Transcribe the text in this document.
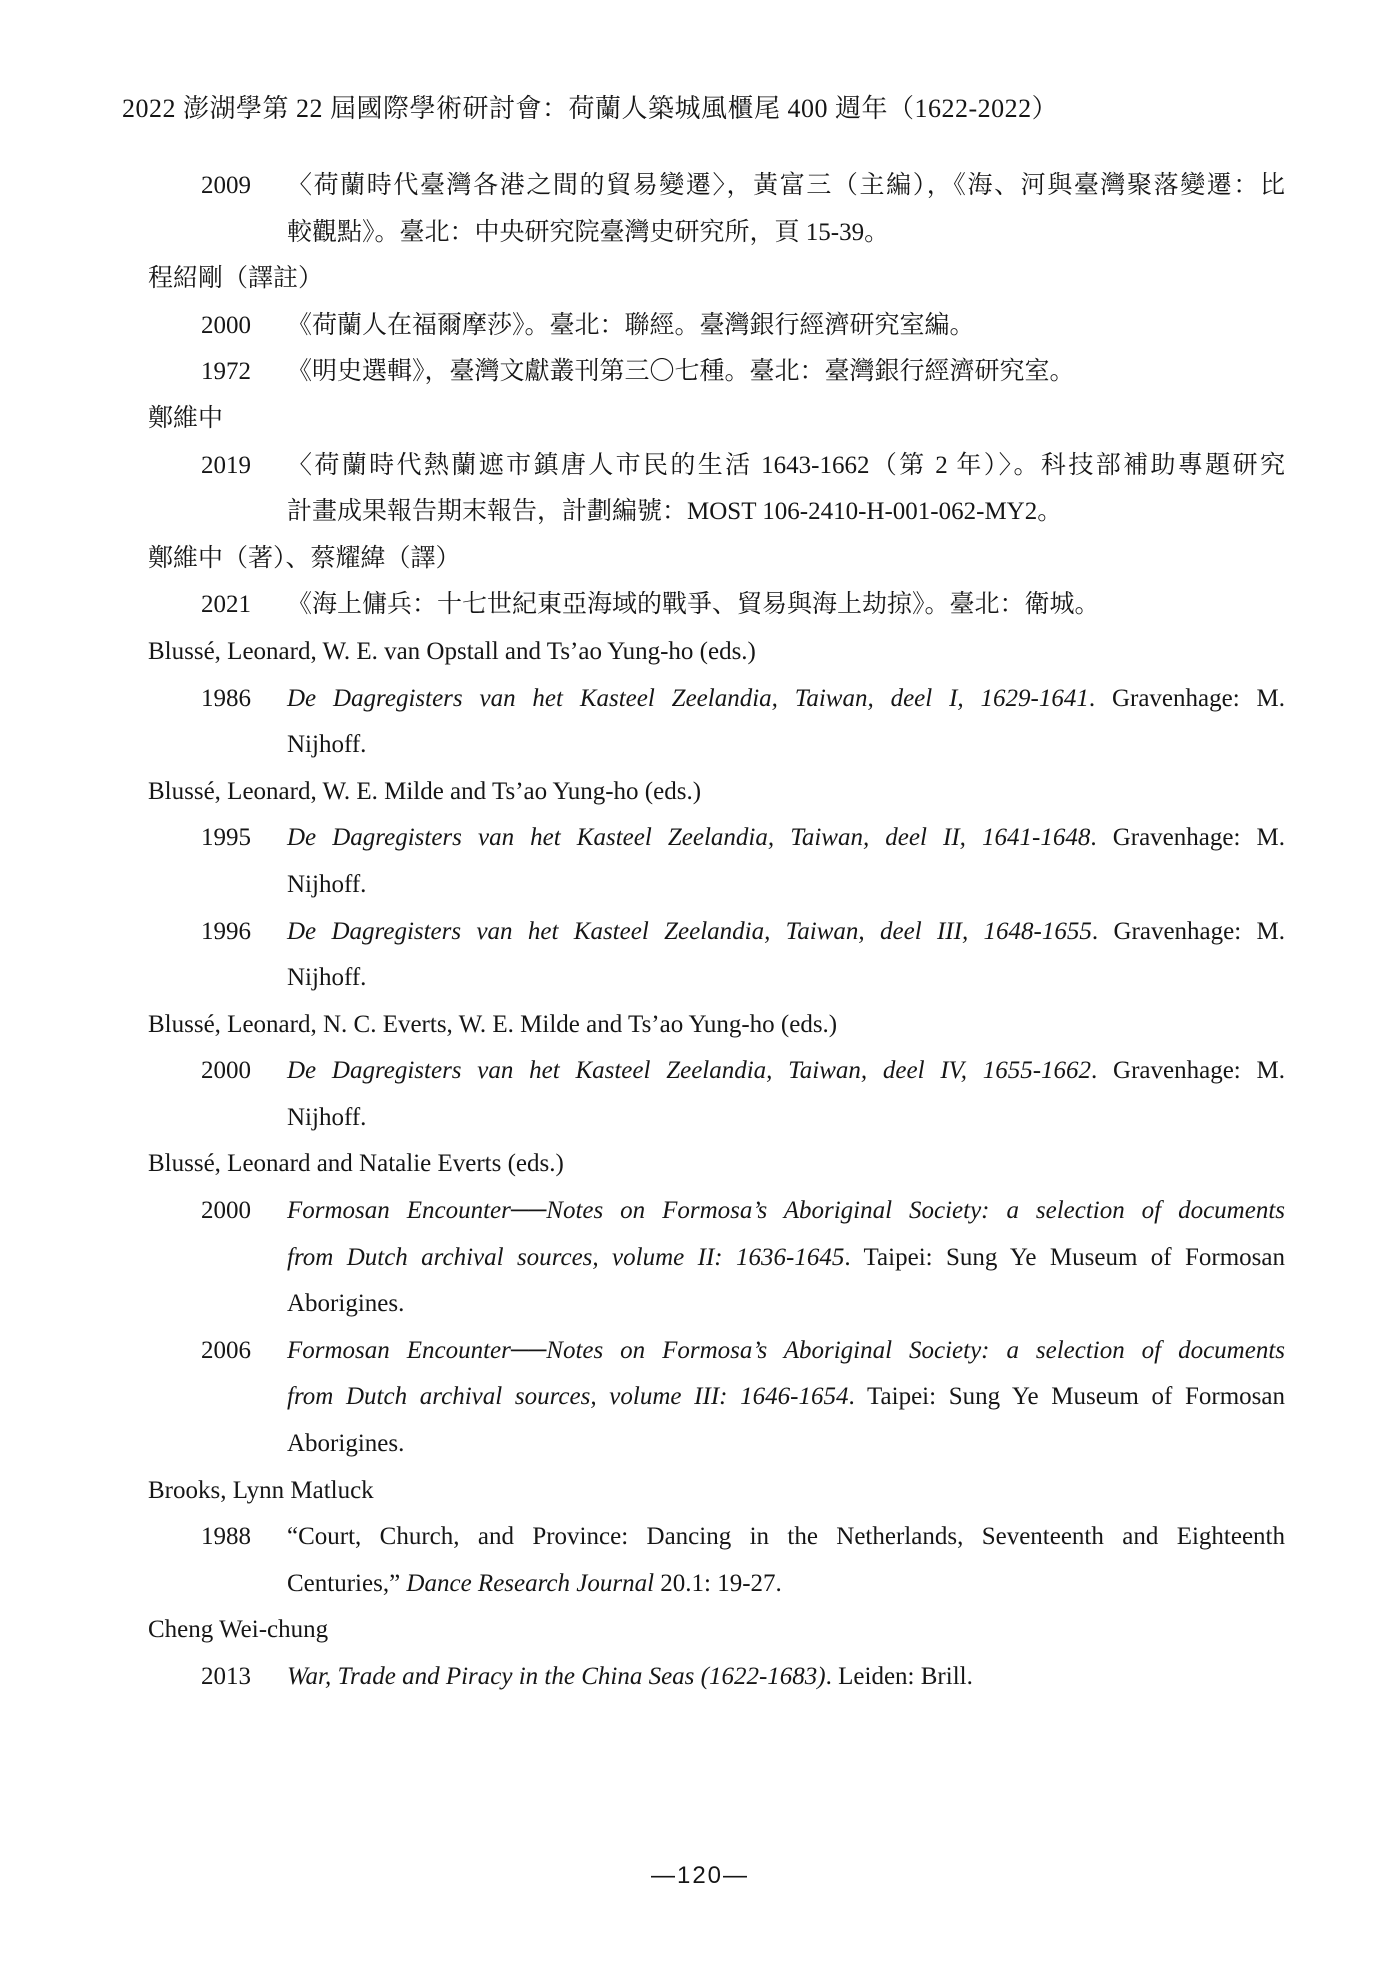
2022 澎湖學第 22 屆國際學術研討會：荷蘭人築城風櫃尾 400 週年（1622-2022）
2009 〈荷蘭時代臺灣各港之間的貿易變遷〉，黃富三（主編），《海、河與臺灣聚落變遷：比
較觀點》。臺北：中央研究院臺灣史研究所，頁 15-39。
程紹剛（譯註）
2000 《荷蘭人在福爾摩莎》。臺北：聯經。臺灣銀行經濟研究室編。
1972 《明史選輯》，臺灣文獻叢刊第三〇七種。臺北：臺灣銀行經濟研究室。
鄭維中
2019 〈荷蘭時代熱蘭遮市鎮唐人市民的生活 1643-1662（第 2 年）〉。科技部補助專題研究
計畫成果報告期末報告，計劃編號：MOST 106-2410-H-001-062-MY2。
鄭維中（著）、蔡耀緯（譯）
2021 《海上傭兵：十七世紀東亞海域的戰爭、貿易與海上劫掠》。臺北：衛城。
Blussé, Leonard, W. E. van Opstall and Ts’ao Yung-ho (eds.)
1986 De Dagregisters van het Kasteel Zeelandia, Taiwan, deel I, 1629-1641. Gravenhage: M.
Nijhoff.
Blussé, Leonard, W. E. Milde and Ts’ao Yung-ho (eds.)
1995 De Dagregisters van het Kasteel Zeelandia, Taiwan, deel II, 1641-1648. Gravenhage: M.
Nijhoff.
1996 De Dagregisters van het Kasteel Zeelandia, Taiwan, deel III, 1648-1655. Gravenhage: M.
Nijhoff.
Blussé, Leonard, N. C. Everts, W. E. Milde and Ts’ao Yung-ho (eds.)
2000 De Dagregisters van het Kasteel Zeelandia, Taiwan, deel IV, 1655-1662. Gravenhage: M.
Nijhoff.
Blussé, Leonard and Natalie Everts (eds.)
2000 Formosan Encounter──Notes on Formosa’s Aboriginal Society: a selection of documents
from Dutch archival sources, volume II: 1636-1645. Taipei: Sung Ye Museum of Formosan
Aborigines.
2006 Formosan Encounter──Notes on Formosa’s Aboriginal Society: a selection of documents
from Dutch archival sources, volume III: 1646-1654. Taipei: Sung Ye Museum of Formosan
Aborigines.
Brooks, Lynn Matluck
1988 “Court, Church, and Province: Dancing in the Netherlands, Seventeenth and Eighteenth
Centuries,” Dance Research Journal 20.1: 19-27.
Cheng Wei-chung
2013 War, Trade and Piracy in the China Seas (1622-1683). Leiden: Brill.
—120—
